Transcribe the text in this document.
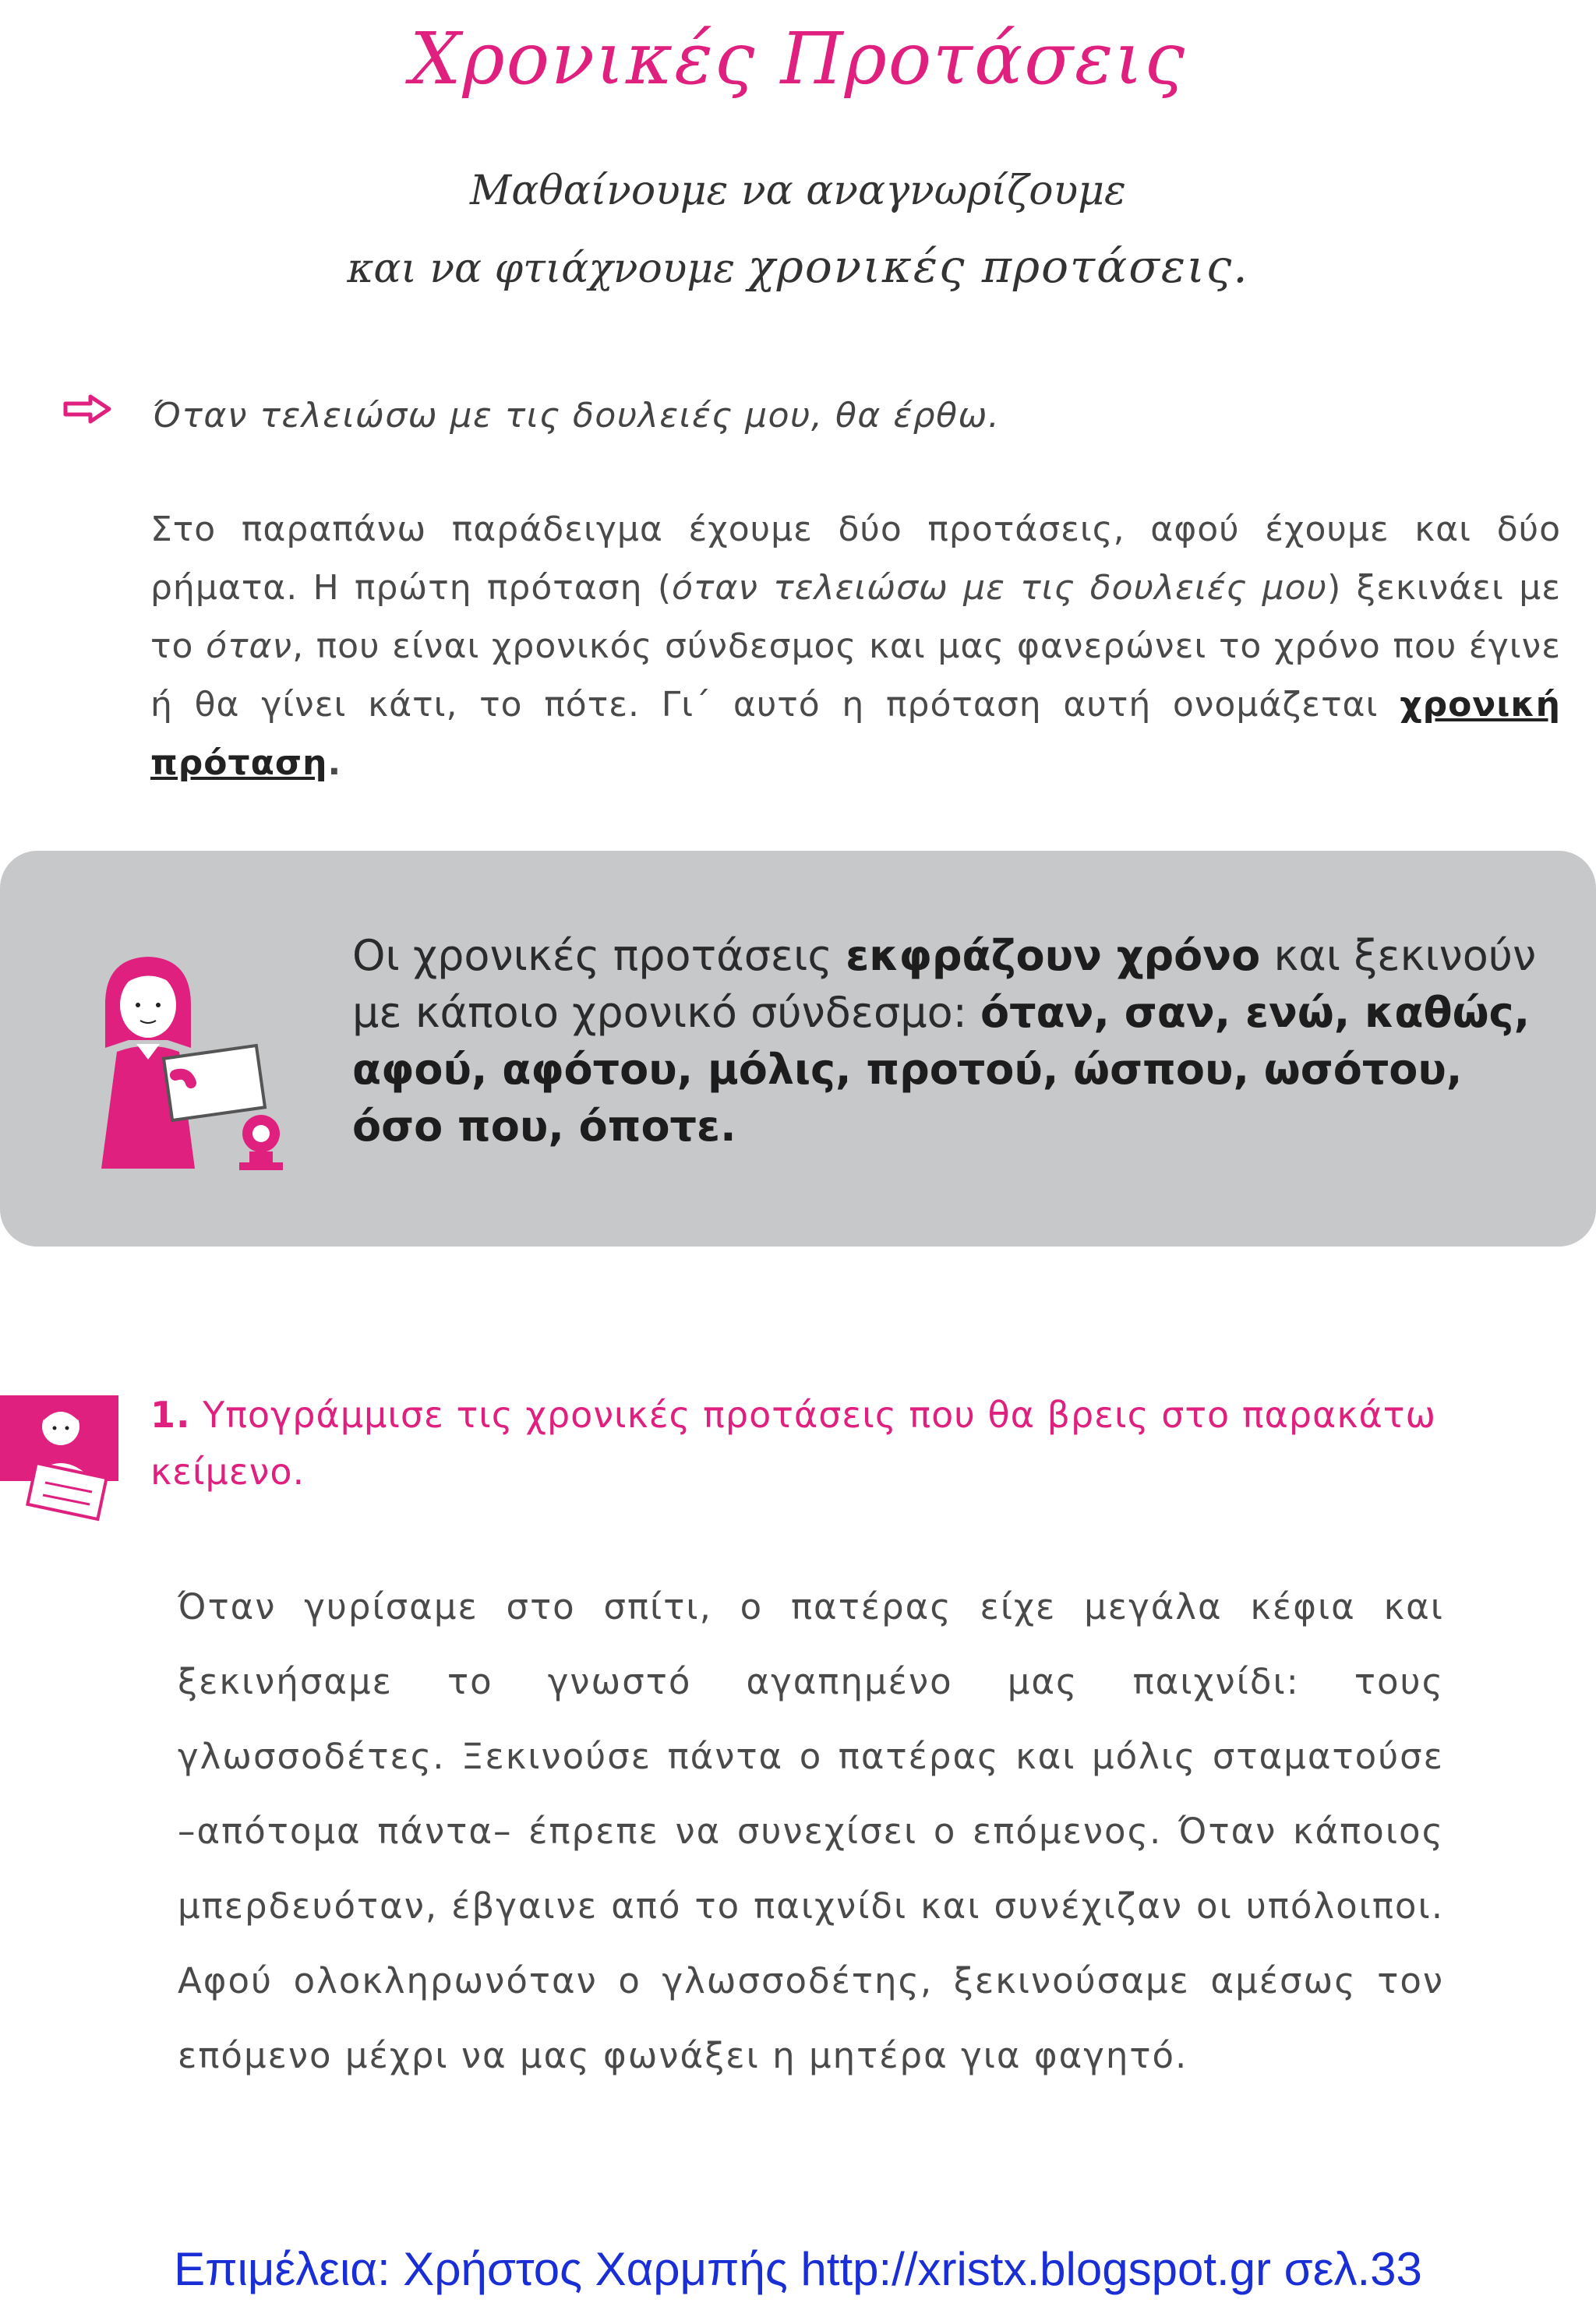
Χρονικές Προτάσεις
Μαθαίνουμε να αναγνωρίζουμε
και να φτιάχνουμε χρονικές προτάσεις.
Όταν τελειώσω με τις δουλειές μου, θα έρθω.
Στο παραπάνω παράδειγμα έχουμε δύο προτάσεις, αφού έχουμε και δύο ρήματα. Η πρώτη πρόταση (όταν τελειώσω με τις δουλειές μου) ξεκινάει με το όταν, που είναι χρονικός σύνδεσμος και μας φανερώνει το χρόνο που έγινε ή θα γίνει κάτι, το πότε. Γι΄ αυτό η πρόταση αυτή ονομάζεται χρονική πρόταση.
Οι χρονικές προτάσεις εκφράζουν χρόνο και ξεκινούν με κάποιο χρονικό σύνδεσμο: όταν, σαν, ενώ, καθώς, αφού, αφότου, μόλις, προτού, ώσπου, ωσότου, όσο που, όποτε.
1. Υπογράμμισε τις χρονικές προτάσεις που θα βρεις στο παρακάτω κείμενο.
Όταν γυρίσαμε στο σπίτι, ο πατέρας είχε μεγάλα κέφια και ξεκινήσαμε το γνωστό αγαπημένο μας παιχνίδι: τους γλωσσοδέτες. Ξεκινούσε πάντα ο πατέρας και μόλις σταματούσε –απότομα πάντα– έπρεπε να συνεχίσει ο επόμενος. Όταν κάποιος μπερδευόταν, έβγαινε από το παιχνίδι και συνέχιζαν οι υπόλοιποι. Αφού ολοκληρωνόταν ο γλωσσοδέτης, ξεκινούσαμε αμέσως τον επόμενο μέχρι να μας φωνάξει η μητέρα για φαγητό.
Επιμέλεια: Χρήστος Χαρμπής http://xristx.blogspot.gr σελ.33
